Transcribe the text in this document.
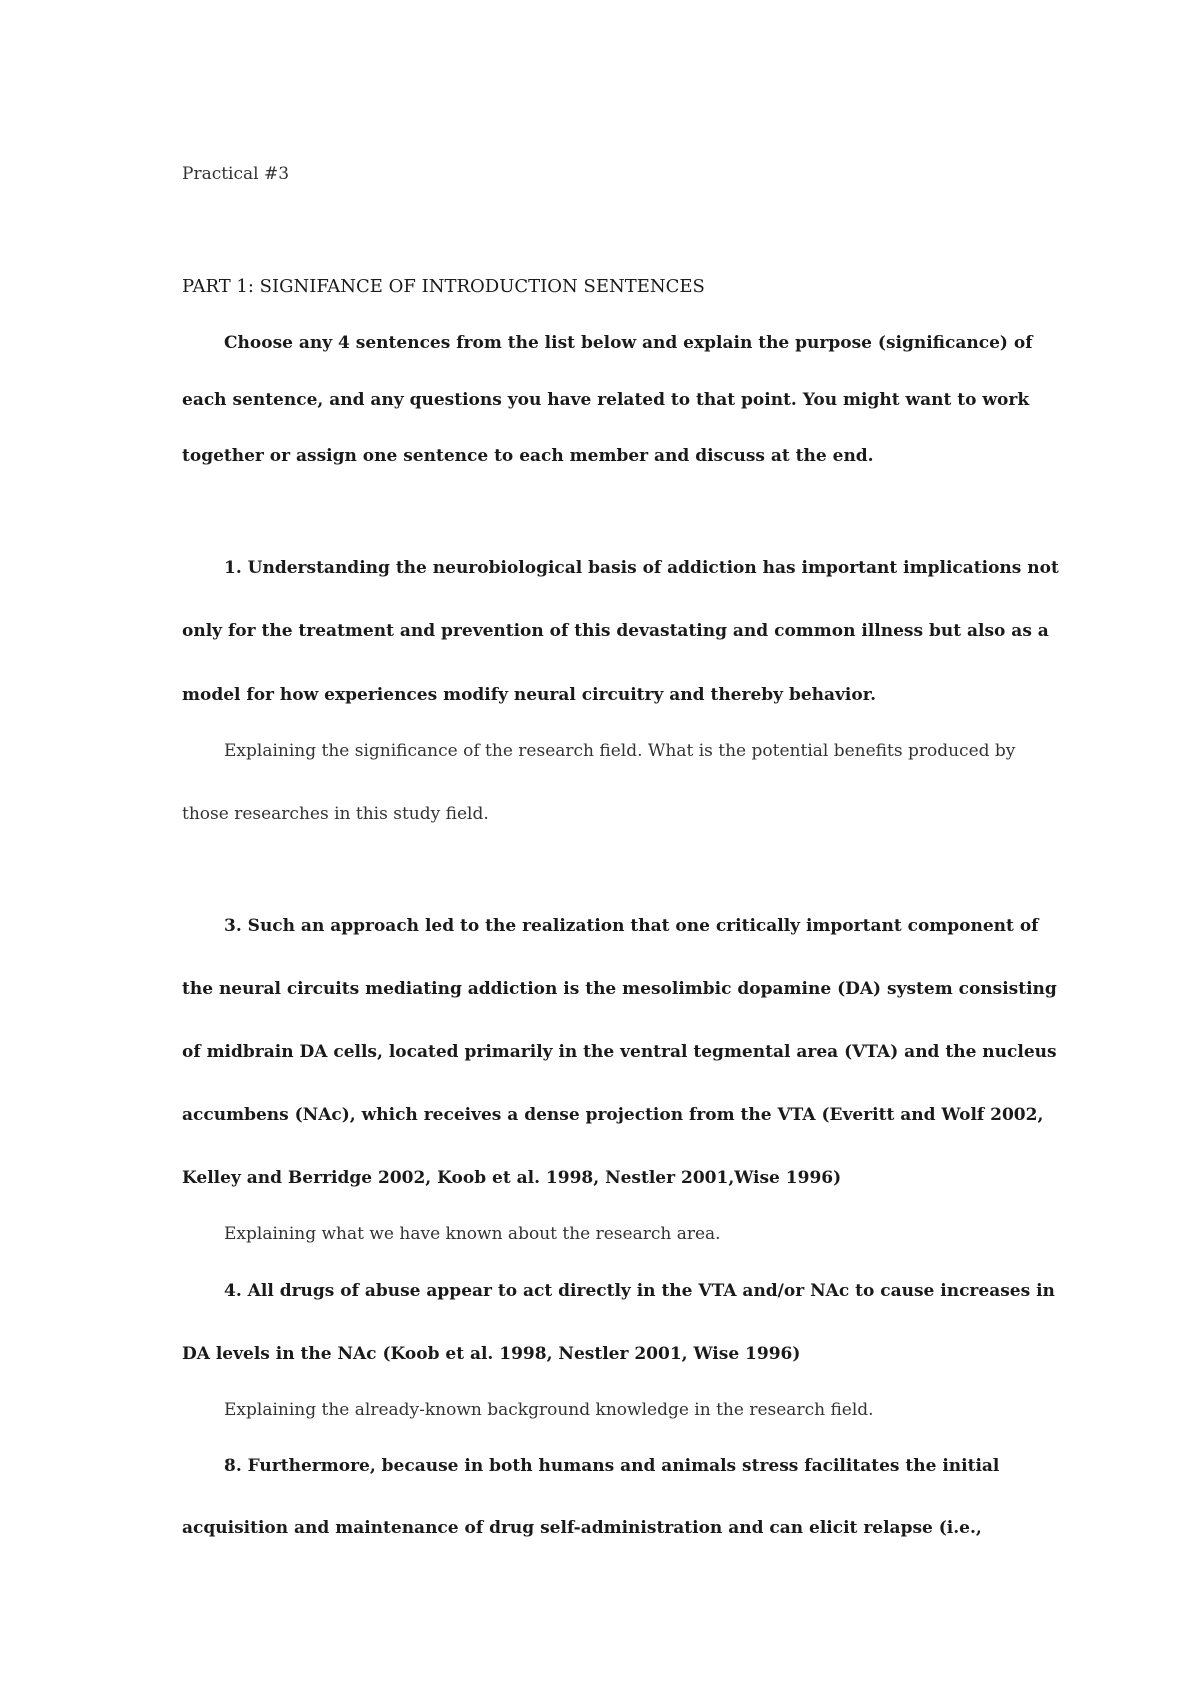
Practical #3
PART 1: SIGNIFANCE OF INTRODUCTION SENTENCES
Choose any 4 sentences from the list below and explain the purpose (significance) of
each sentence, and any questions you have related to that point. You might want to work
together or assign one sentence to each member and discuss at the end.
1. Understanding the neurobiological basis of addiction has important implications not
only for the treatment and prevention of this devastating and common illness but also as a
model for how experiences modify neural circuitry and thereby behavior.
Explaining the significance of the research field. What is the potential benefits produced by
those researches in this study field.
3. Such an approach led to the realization that one critically important component of
the neural circuits mediating addiction is the mesolimbic dopamine (DA) system consisting
of midbrain DA cells, located primarily in the ventral tegmental area (VTA) and the nucleus
accumbens (NAc), which receives a dense projection from the VTA (Everitt and Wolf 2002,
Kelley and Berridge 2002, Koob et al. 1998, Nestler 2001,Wise 1996)
Explaining what we have known about the research area.
4. All drugs of abuse appear to act directly in the VTA and/or NAc to cause increases in
DA levels in the NAc (Koob et al. 1998, Nestler 2001, Wise 1996)
Explaining the already-known background knowledge in the research field.
8. Furthermore, because in both humans and animals stress facilitates the initial
acquisition and maintenance of drug self-administration and can elicit relapse (i.e.,
